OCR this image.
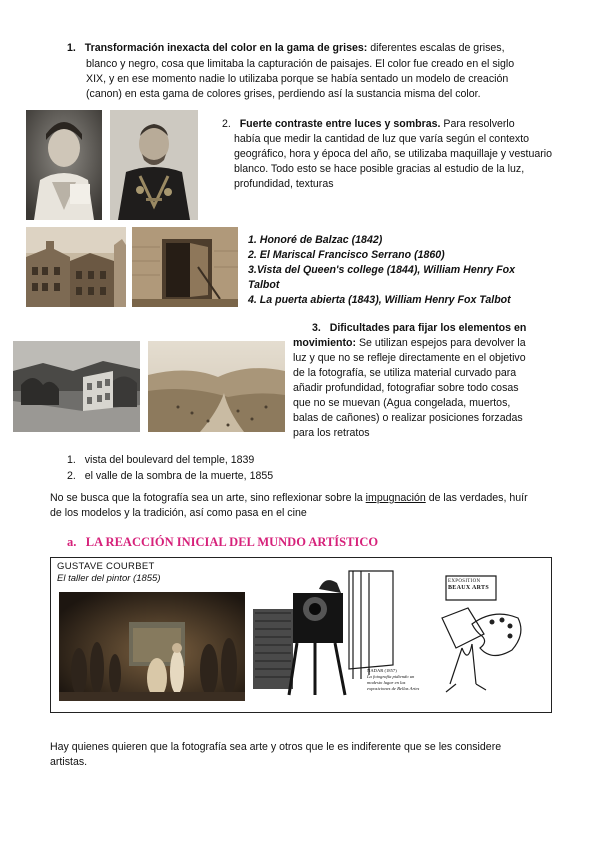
1. Transformación inexacta del color en la gama de grises: diferentes escalas de grises,
blanco y negro, cosa que limitaba la capturación de paisajes. El color fue creado en el siglo
XIX, y en ese momento nadie lo utilizaba porque se había sentado un modelo de creación
(canon) en esta gama de colores grises, perdiendo así la sustancia misma del color.
2. Fuerte contraste entre luces y sombras. Para resolverlo
había que medir la cantidad de luz que varía según el contexto
geográfico, hora y época del año, se utilizaba maquillaje y vestuario
blanco. Todo esto se hace posible gracias al estudio de la luz,
profundidad, texturas
1. Honoré de Balzac (1842)
2. El Mariscal Francisco Serrano (1860)
3.Vista del Queen's college (1844), William Henry Fox
Talbot
4. La puerta abierta (1843), William Henry Fox Talbot
3. Dificultades para fijar los elementos en
movimiento: Se utilizan espejos para devolver la
luz y que no se refleje directamente en el objetivo
de la fotografía, se utiliza material curvado para
añadir profundidad, fotografiar sobre todo cosas
que no se muevan (Agua congelada, muertos,
balas de cañones) o realizar posiciones forzadas
para los retratos
1. vista del boulevard del temple, 1839
2. el valle de la sombra de la muerte, 1855
No se busca que la fotografía sea un arte, sino reflexionar sobre la impugnación de las verdades, huír
de los modelos y la tradición, así como pasa en el cine
a. LA REACCIÓN INICIAL DEL MUNDO ARTÍSTICO
GUSTAVE COURBET
El taller del pintor (1855)
NADAR (1857)
La fotografía pidiendo un
modesto lugar en las
exposiciones de Bellas Artes
EXPOSITION
BEAUX ARTS
Hay quienes quieren que la fotografía sea arte y otros que le es indiferente que se les considere
artistas.
